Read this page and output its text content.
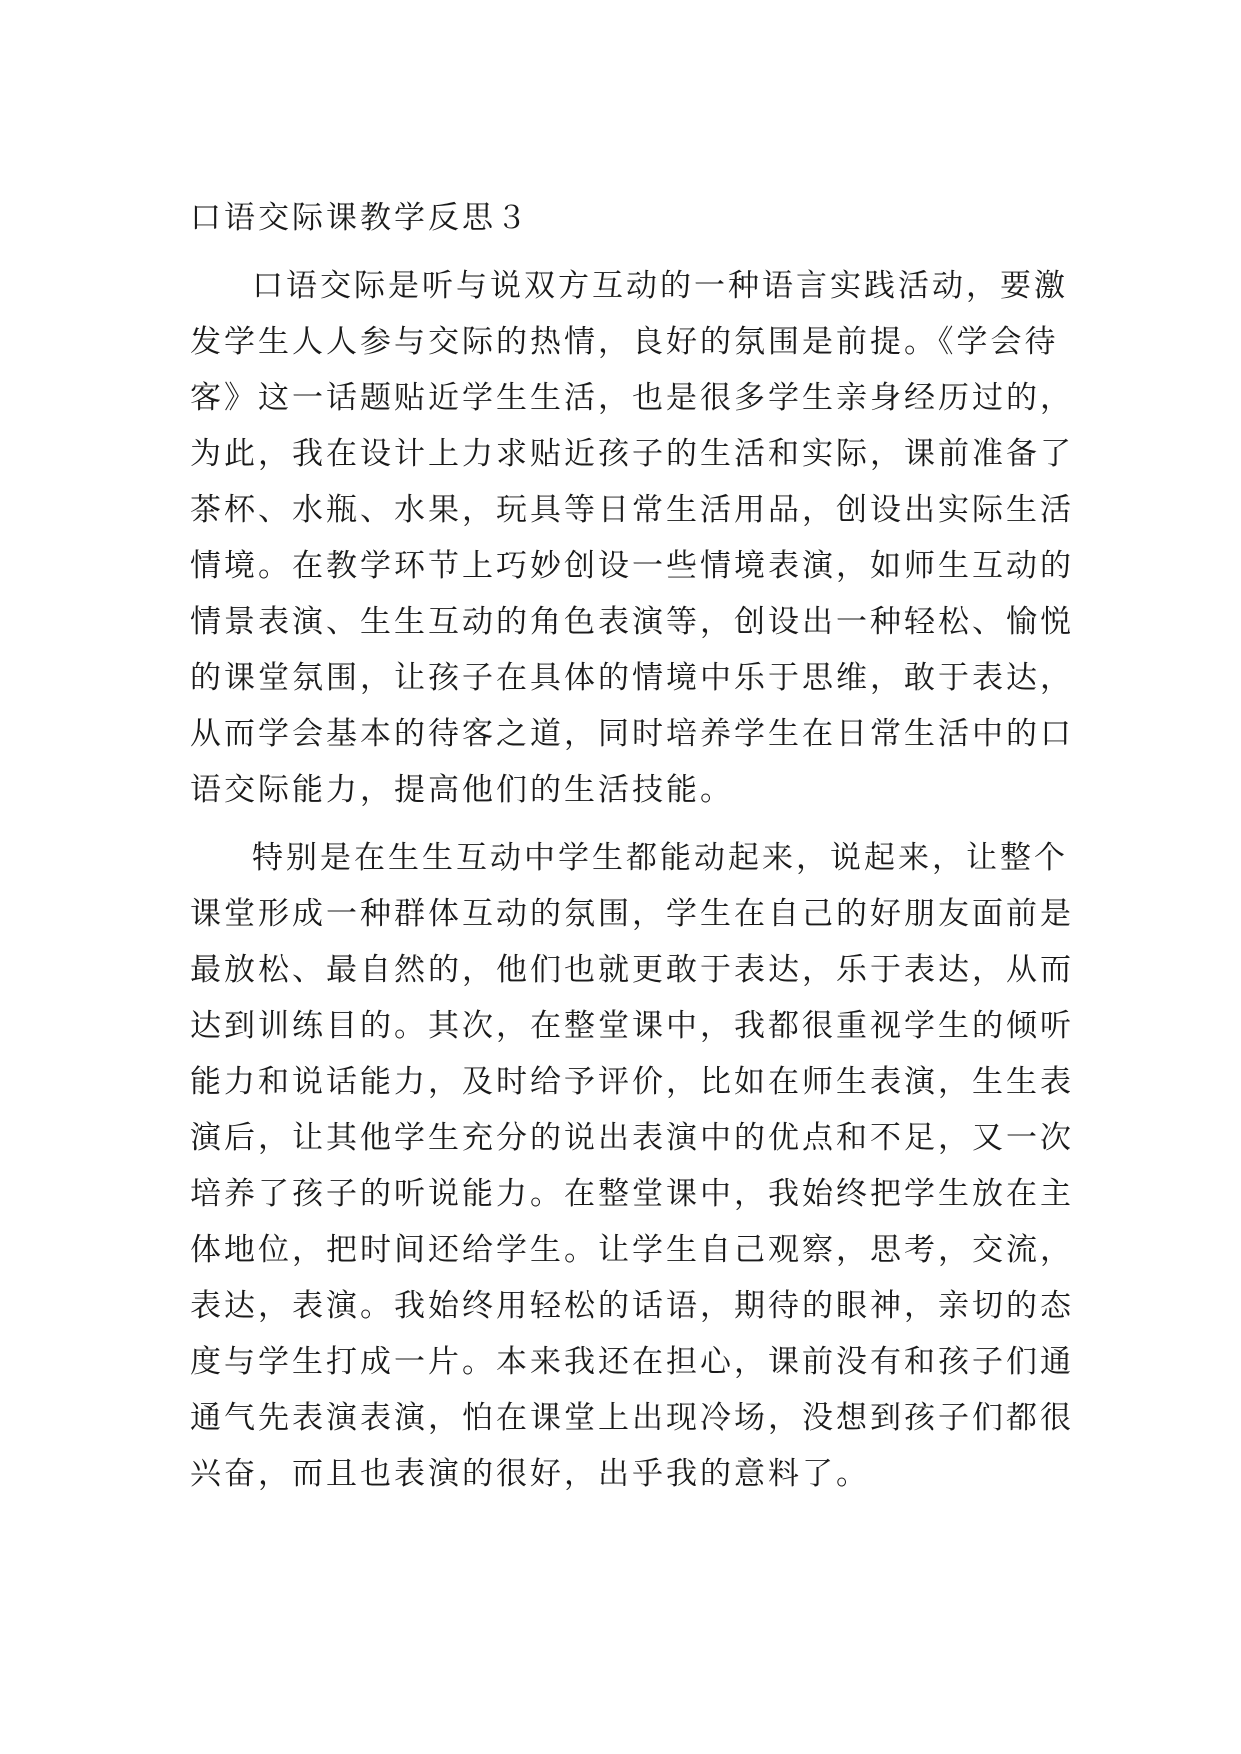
口语交际课教学反思３
口语交际是听与说双方互动的一种语言实践活动，要激
发学生人人参与交际的热情，良好的氛围是前提。《学会待
客》这一话题贴近学生生活，也是很多学生亲身经历过的，
为此，我在设计上力求贴近孩子的生活和实际，课前准备了
茶杯、水瓶、水果，玩具等日常生活用品，创设出实际生活
情境。在教学环节上巧妙创设一些情境表演，如师生互动的
情景表演、生生互动的角色表演等，创设出一种轻松、愉悦
的课堂氛围，让孩子在具体的情境中乐于思维，敢于表达，
从而学会基本的待客之道，同时培养学生在日常生活中的口
语交际能力，提高他们的生活技能。
特别是在生生互动中学生都能动起来，说起来，让整个
课堂形成一种群体互动的氛围，学生在自己的好朋友面前是
最放松、最自然的，他们也就更敢于表达，乐于表达，从而
达到训练目的。其次，在整堂课中，我都很重视学生的倾听
能力和说话能力，及时给予评价，比如在师生表演，生生表
演后，让其他学生充分的说出表演中的优点和不足，又一次
培养了孩子的听说能力。在整堂课中，我始终把学生放在主
体地位，把时间还给学生。让学生自己观察，思考，交流，
表达，表演。我始终用轻松的话语，期待的眼神，亲切的态
度与学生打成一片。本来我还在担心，课前没有和孩子们通
通气先表演表演，怕在课堂上出现冷场，没想到孩子们都很
兴奋，而且也表演的很好，出乎我的意料了。
